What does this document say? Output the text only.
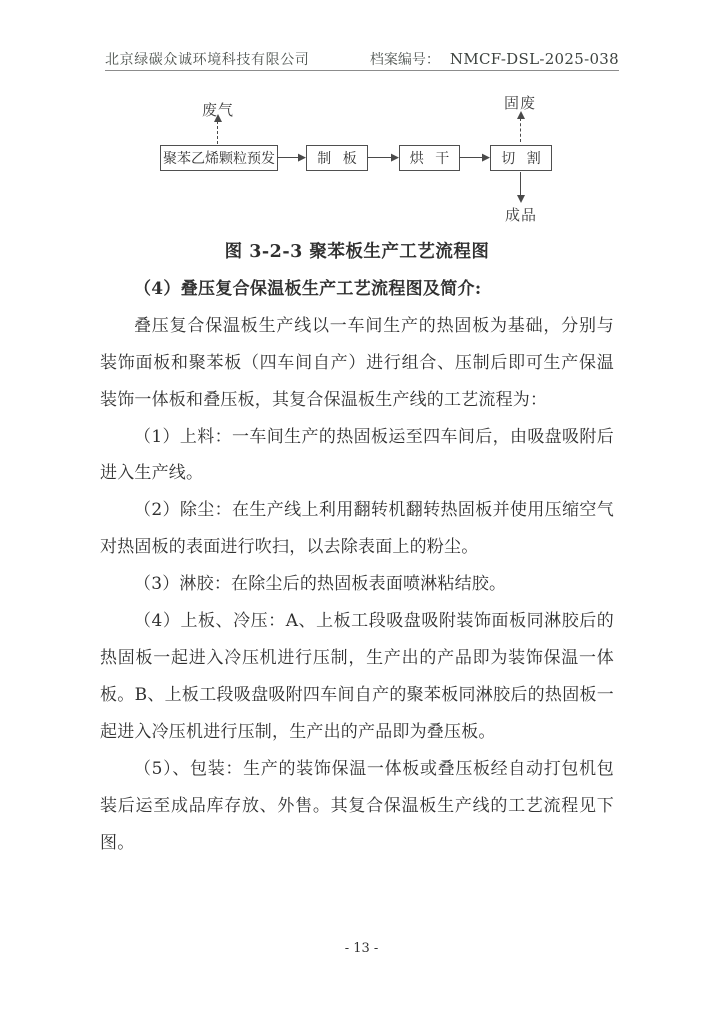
北京绿碳众诚环境科技有限公司	档案编号： NMCF-DSL-2025-038
废气
聚苯乙烯颗粒预发	制 板	烘 干	切 割
固废
成品

图 3-2-3 聚苯板生产工艺流程图

（4）叠压复合保温板生产工艺流程图及简介:

叠压复合保温板生产线以一车间生产的热固板为基础，分别与装饰面板和聚苯板（四车间自产）进行组合、压制后即可生产保温装饰一体板和叠压板，其复合保温板生产线的工艺流程为：

（1）上料：一车间生产的热固板运至四车间后，由吸盘吸附后进入生产线。

（2）除尘：在生产线上利用翻转机翻转热固板并使用压缩空气对热固板的表面进行吹扫，以去除表面上的粉尘。

（3）淋胶：在除尘后的热固板表面喷淋粘结胶。

（4）上板、冷压：A、上板工段吸盘吸附装饰面板同淋胶后的热固板一起进入冷压机进行压制，生产出的产品即为装饰保温一体板。B、上板工段吸盘吸附四车间自产的聚苯板同淋胶后的热固板一起进入冷压机进行压制，生产出的产品即为叠压板。

（5）、包装：生产的装饰保温一体板或叠压板经自动打包机包装后运至成品库存放、外售。其复合保温板生产线的工艺流程见下图。

- 13 -
